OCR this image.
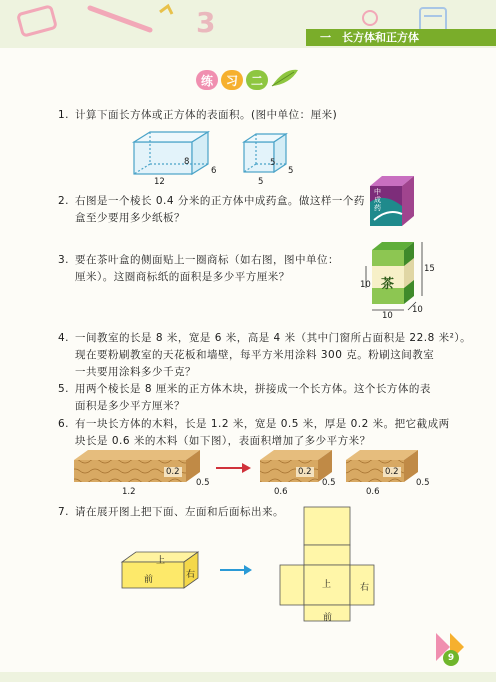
3	一　长方体和正方体
练	习	二
1. 计算下面长方体或正方体的表面积。(图中单位：厘米)
12
6
8
5
5
5
2. 右图是一个棱长 0.4 分米的正方体中成药盒。做这样一个药
盒至少要用多少纸板？
中成药
3. 要在茶叶盒的侧面贴上一圈商标（如右图，图中单位：
厘米）。这圈商标纸的面积是多少平方厘米？	茶
15
10
10
10
4. 一间教室的长是 8 米，宽是 6 米，高是 4 米（其中门窗所占面积是 22.8 米²）。
现在要粉刷教室的天花板和墙壁，每平方米用涂料 300 克。粉刷这间教室
一共要用涂料多少千克？
5. 用两个棱长是 8 厘米的正方体木块，拼接成一个长方体。这个长方体的表
面积是多少平方厘米？
6. 有一块长方体的木料，长是 1.2 米，宽是 0.5 米，厚是 0.2 米。把它截成两
块长是 0.6 米的木料（如下图），表面积增加了多少平方米？
0.2
1.2
0.5
0.2
0.6
0.5
0.2
0.6
0.5
7. 请在展开图上把下面、左面和后面标出来。
上
前	右
上	右
前
9
